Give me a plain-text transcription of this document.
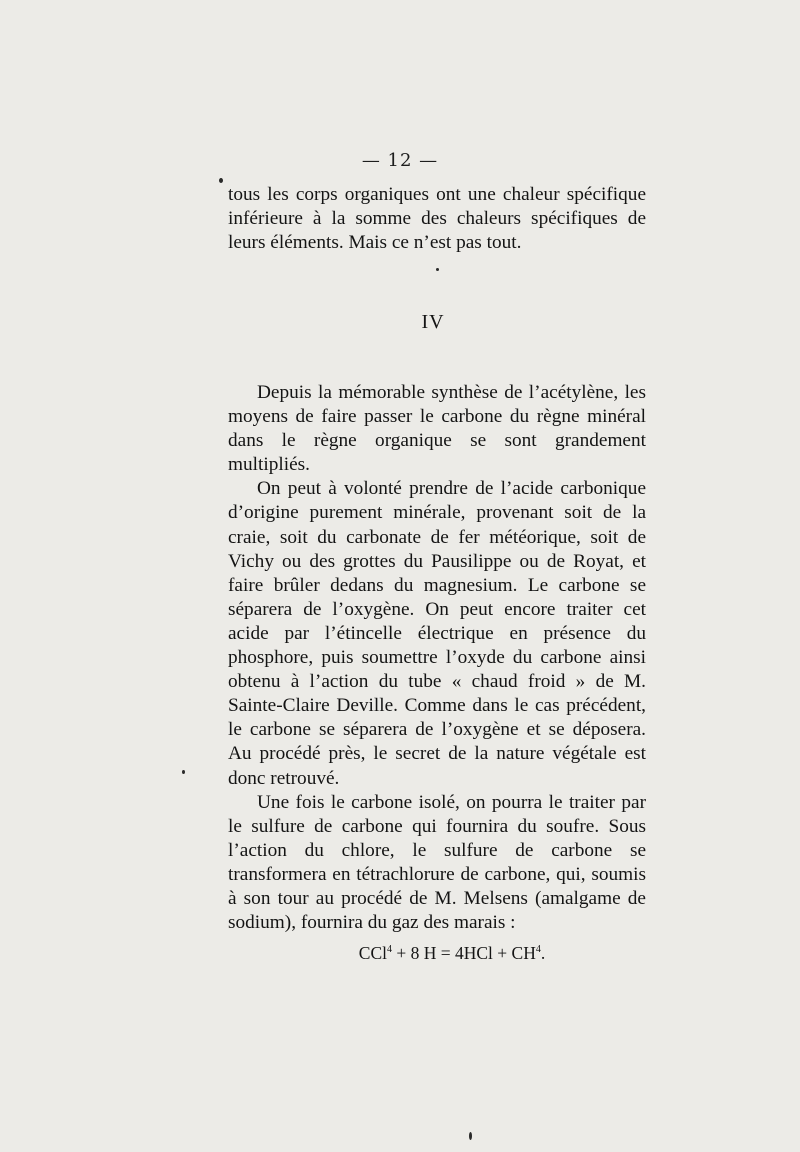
— 12 —

tous les corps organiques ont une chaleur spécifique inférieure à la somme des chaleurs spécifiques de leurs éléments. Mais ce n’est pas tout.

IV

Depuis la mémorable synthèse de l’acétylène, les moyens de faire passer le carbone du règne minéral dans le règne organique se sont grandement multipliés.

On peut à volonté prendre de l’acide carbonique d’origine purement minérale, provenant soit de la craie, soit du carbonate de fer météorique, soit de Vichy ou des grottes du Pausilippe ou de Royat, et faire brûler dedans du magnesium. Le carbone se séparera de l’oxygène. On peut encore traiter cet acide par l’étincelle électrique en présence du phosphore, puis soumettre l’oxyde du carbone ainsi obtenu à l’action du tube « chaud froid » de M. Sainte-Claire Deville. Comme dans le cas précédent, le carbone se séparera de l’oxygène et se déposera. Au procédé près, le secret de la nature végétale est donc retrouvé.

Une fois le carbone isolé, on pourra le traiter par le sulfure de carbone qui fournira du soufre. Sous l’action du chlore, le sulfure de carbone se transformera en tétrachlorure de carbone, qui, soumis à son tour au procédé de M. Melsens (amalgame de sodium), fournira du gaz des marais :

CCl$^4$ + 8 $H = 4HCl + CH^4$.
